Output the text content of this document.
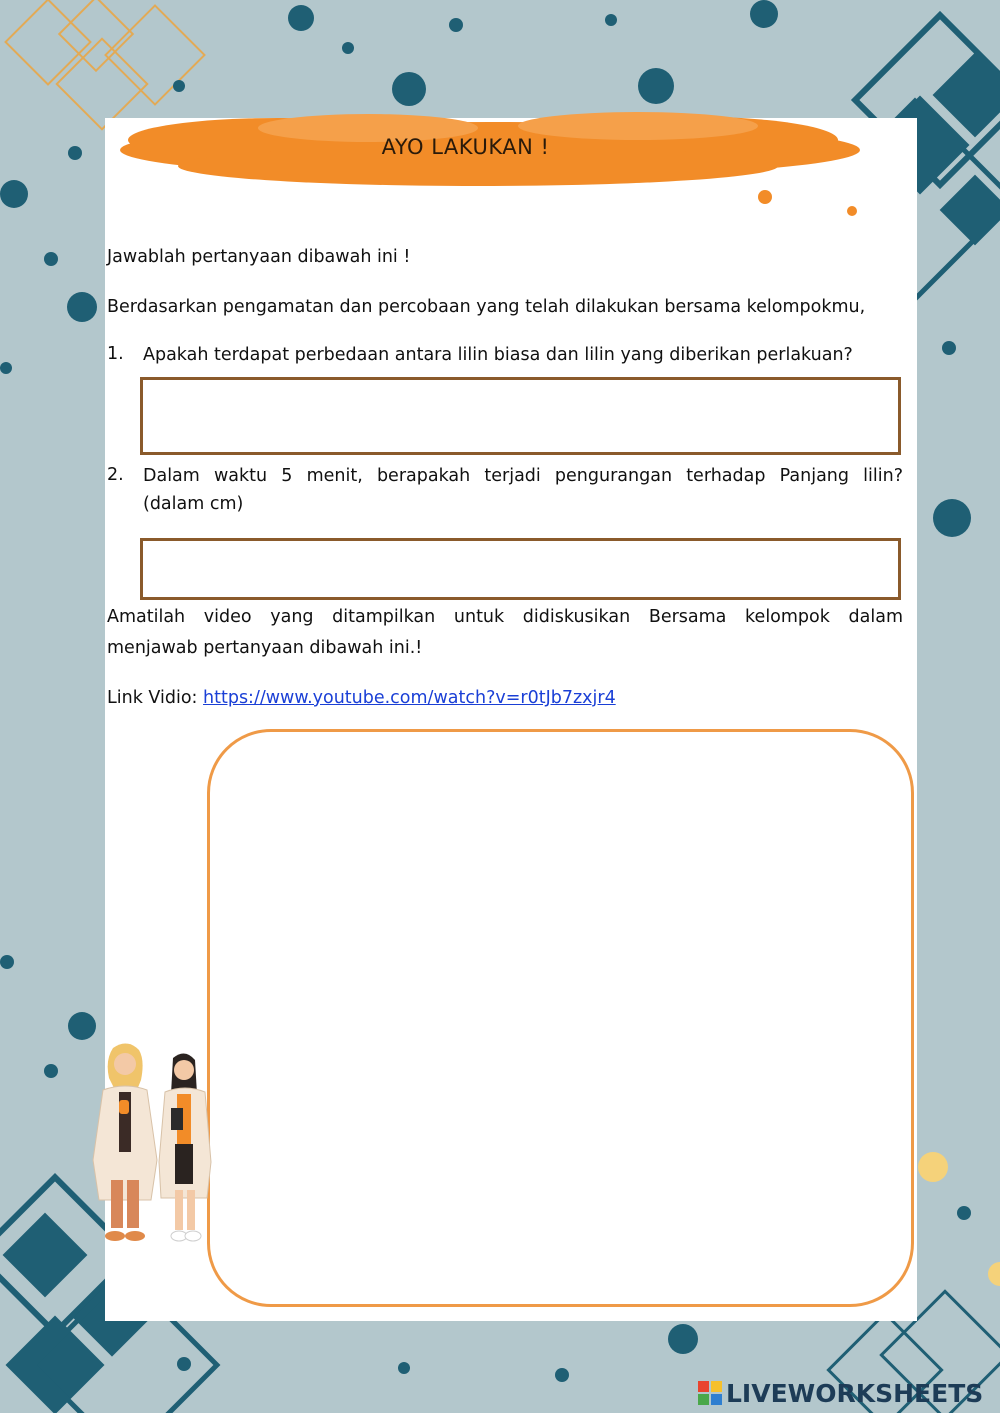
AYO LAKUKAN !
Jawablah pertanyaan dibawah ini !
Berdasarkan pengamatan dan percobaan yang telah dilakukan bersama kelompokmu,
1. Apakah terdapat perbedaan antara lilin biasa dan lilin yang diberikan perlakuan?
2. Dalam waktu 5 menit, berapakah terjadi pengurangan terhadap Panjang lilin?
(dalam cm)
Amatilah video yang ditampilkan untuk didiskusikan Bersama kelompok dalam
menjawab pertanyaan dibawah ini.!
Link Vidio: https://www.youtube.com/watch?v=r0tJb7zxjr4
LIVEWORKSHEETS
